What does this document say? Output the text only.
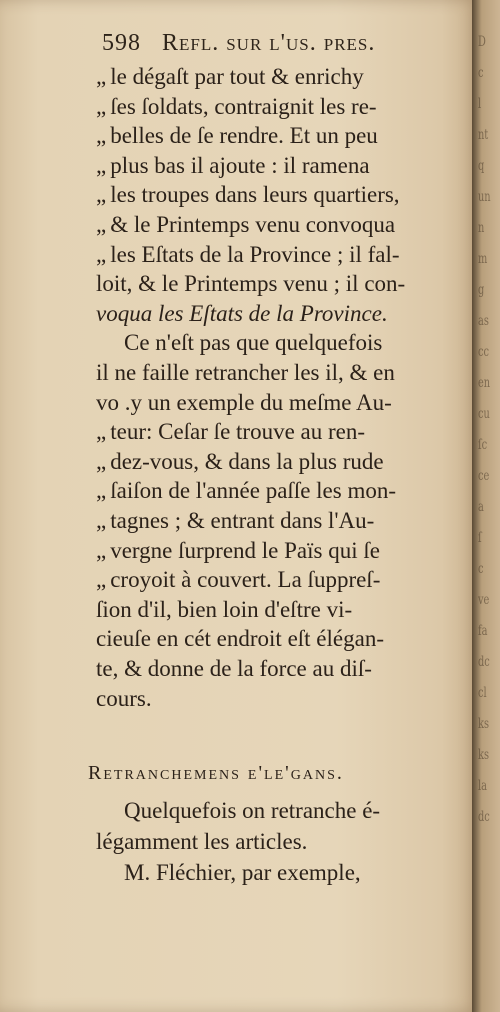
598 Refl. sur l'us. pres.
„ le dégaſt par tout & enrichy
„ ſes ſoldats, contraignit les re-
„ belles de ſe rendre. Et un peu
„ plus bas il ajoute : il ramena
„ les troupes dans leurs quartiers,
„ & le Printemps venu convoqua
„ les Eſtats de la Province ; il fal-
loit, & le Printemps venu ; il con-
voqua les Eſtats de la Province.
Ce n'eſt pas que quelquefois
il ne faille retrancher les il, & en
vo .y un exemple du meſme Au-
„ teur: Ceſar ſe trouve au ren-
„ dez-vous, & dans la plus rude
„ ſaiſon de l'année paſſe les mon-
„ tagnes ; & entrant dans l'Au-
„ vergne ſurprend le Païs qui ſe
„ croyoit à couvert. La ſuppreſ-
ſion d'il, bien loin d'eſtre vi-
cieuſe en cét endroit eſt élégan-
te, & donne de la force au diſ-
cours.
Retranchemens e'le'gans.
Quelquefois on retranche é-
légamment les articles.
M. Fléchier, par exemple,
D
c
l
nt
q
un
n
m
g
as
cc
en
cu
ſc
ce
a
ſ
c
ve
fa
dc
cl
ks
ks
la
dc
